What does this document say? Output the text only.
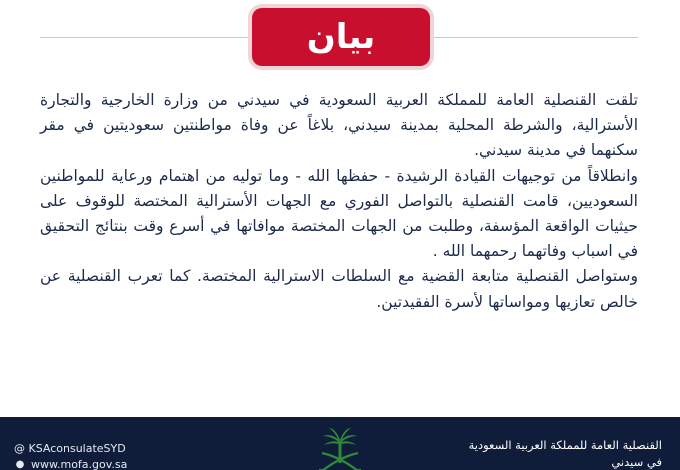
بيان

تلقت القنصلية العامة للمملكة العربية السعودية في سيدني من وزارة الخارجية والتجارة الأسترالية، والشرطة المحلية بمدينة سيدني، بلاغاً عن وفاة مواطنتين سعوديتين في مقر سكنهما في مدينة سيدني.

وانطلاقاً من توجيهات القيادة الرشيدة - حفظها الله - وما توليه من اهتمام ورعاية للمواطنين السعوديين، قامت القنصلية بالتواصل الفوري مع الجهات الأسترالية المختصة للوقوف على حيثيات الواقعة المؤسفة، وطلبت من الجهات المختصة موافاتها في أسرع وقت بنتائج التحقيق في اسباب وفاتهما رحمهما الله .

وستواصل القنصلية متابعة القضية مع السلطات الاسترالية المختصة. كما تعرب القنصلية عن خالص تعازيها ومواساتها لأسرة الفقيدتين.

@ KSAconsulateSYD
● www.mofa.gov.sa
القنصلية العامة للمملكة العربية السعودية
في سيدني
